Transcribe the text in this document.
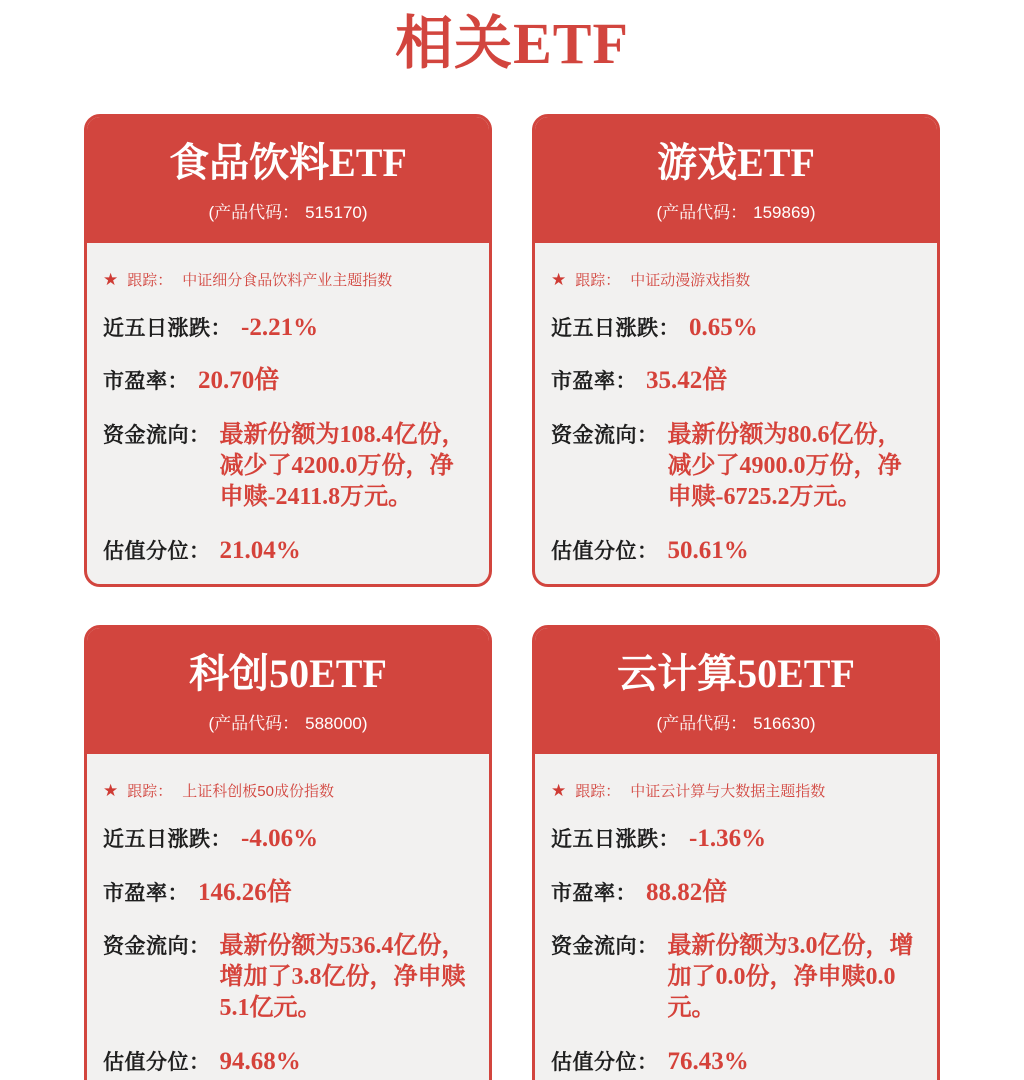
相关ETF
食品饮料ETF
(产品代码： 515170)
★ 跟踪： 中证细分食品饮料产业主题指数
近五日涨跌： -2.21%
市盈率： 20.70倍
资金流向： 最新份额为108.4亿份，减少了4200.0万份，净申赎-2411.8万元。
估值分位： 21.04%
游戏ETF
(产品代码： 159869)
★ 跟踪： 中证动漫游戏指数
近五日涨跌： 0.65%
市盈率： 35.42倍
资金流向： 最新份额为80.6亿份，减少了4900.0万份，净申赎-6725.2万元。
估值分位： 50.61%
科创50ETF
(产品代码： 588000)
★ 跟踪： 上证科创板50成份指数
近五日涨跌： -4.06%
市盈率： 146.26倍
资金流向： 最新份额为536.4亿份，增加了3.8亿份，净申赎5.1亿元。
估值分位： 94.68%
云计算50ETF
(产品代码： 516630)
★ 跟踪： 中证云计算与大数据主题指数
近五日涨跌： -1.36%
市盈率： 88.82倍
资金流向： 最新份额为3.0亿份，增加了0.0份，净申赎0.0元。
估值分位： 76.43%
